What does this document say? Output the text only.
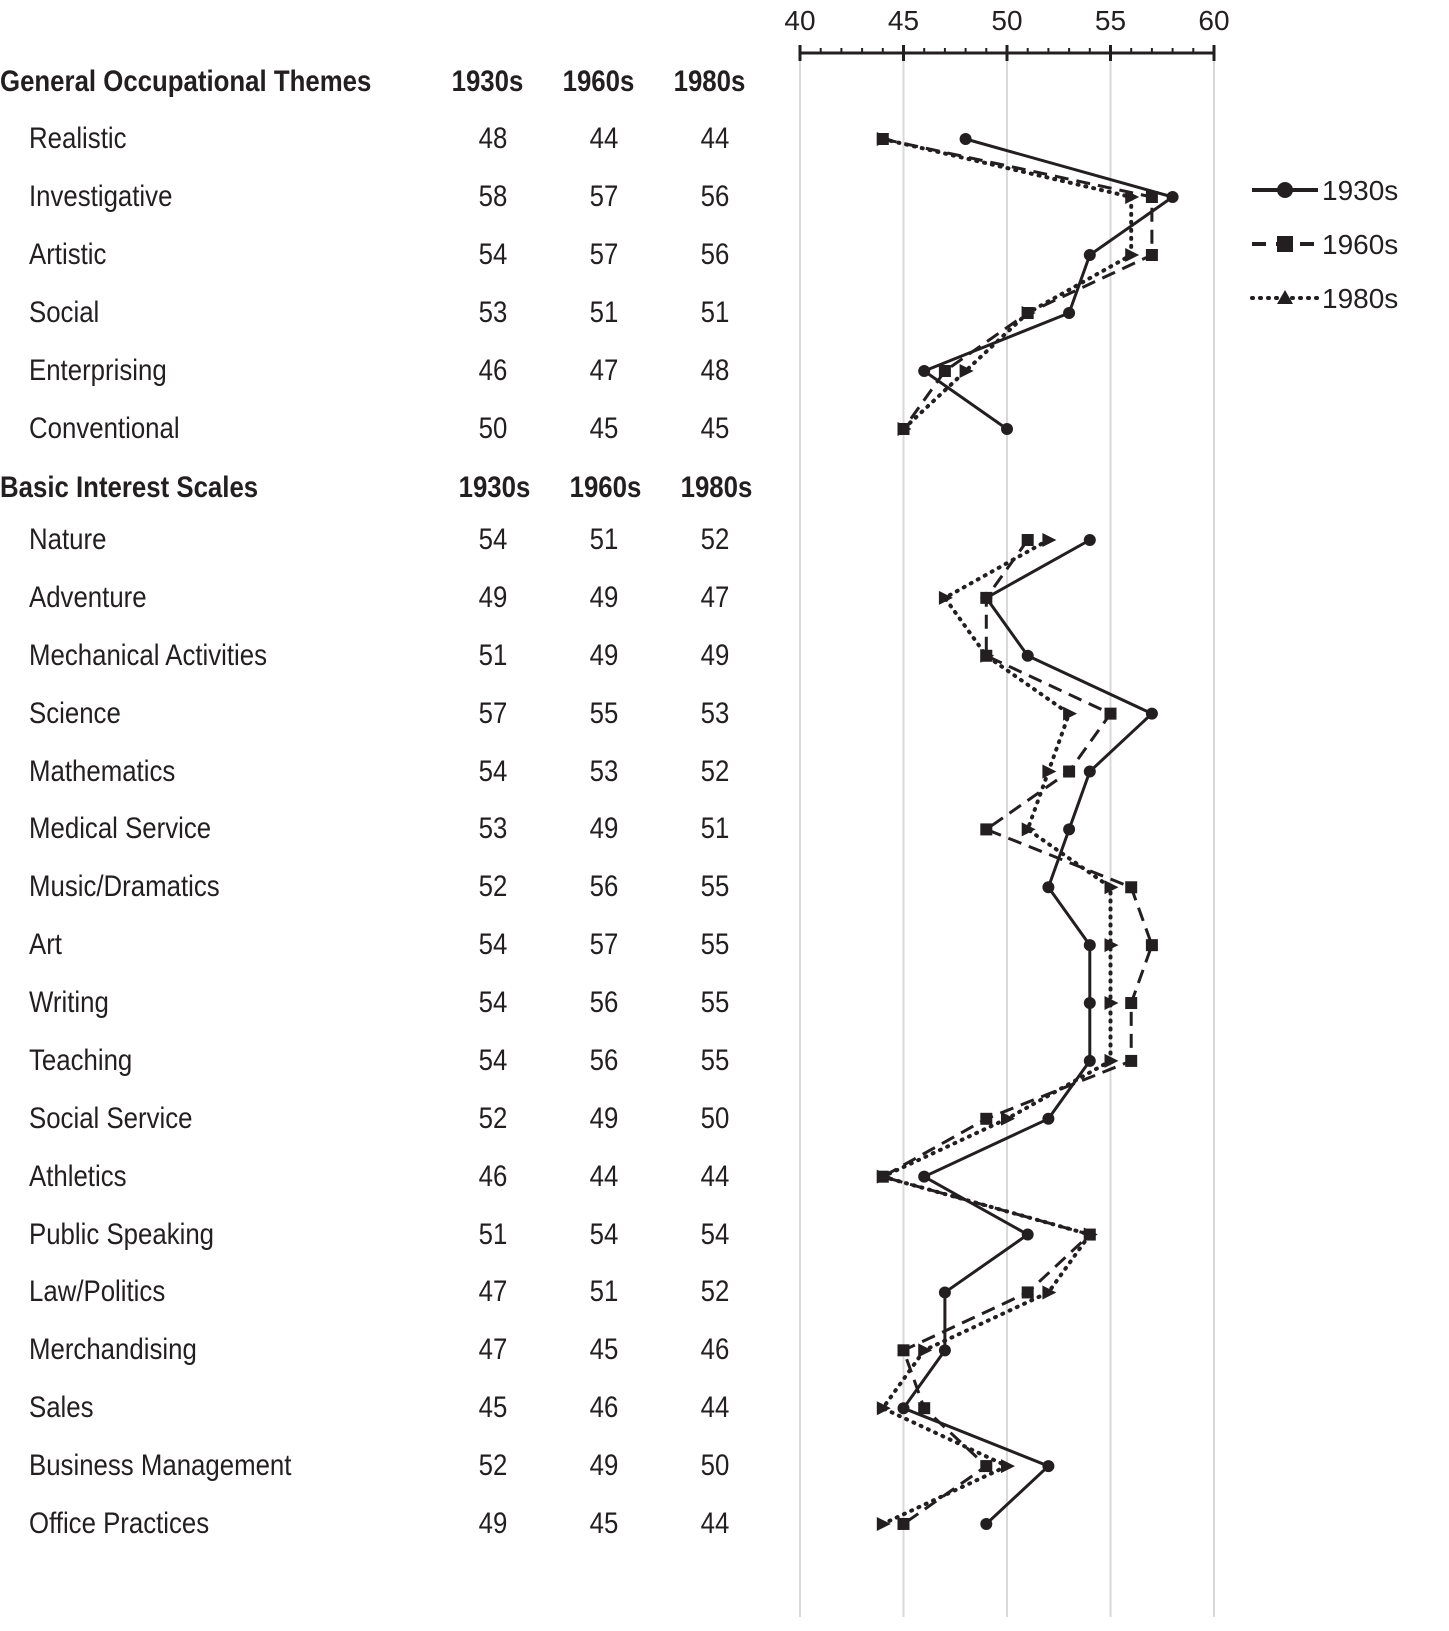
General Occupational Themes	1930s 1960s 1980s
Realistic	48	44	44
Investigative	58	57	56
Artistic	54	57	56
Social	53	51	51
Enterprising	46	47	48
Conventional	50	45	45
Basic Interest Scales	1930s 1960s 1980s
Nature	54	51	52
Adventure	49	49	47
Mechanical Activities	51	49	49
Science	57	55	53
Mathematics	54	53	52
Medical Service	53	49	51
Music/Dramatics	52	56	55
Art	54	57	55
Writing	54	56	55
Teaching	54	56	55
Social Service	52	49	50
Athletics	46	44	44
Public Speaking	51	54	54
Law/Politics	47	51	52
Merchandising	47	45	46
Sales	45	46	44
Business Management	52	49	50
Office Practices	49	45	44
40	45	50	55	60
1930s
1960s
1980s
